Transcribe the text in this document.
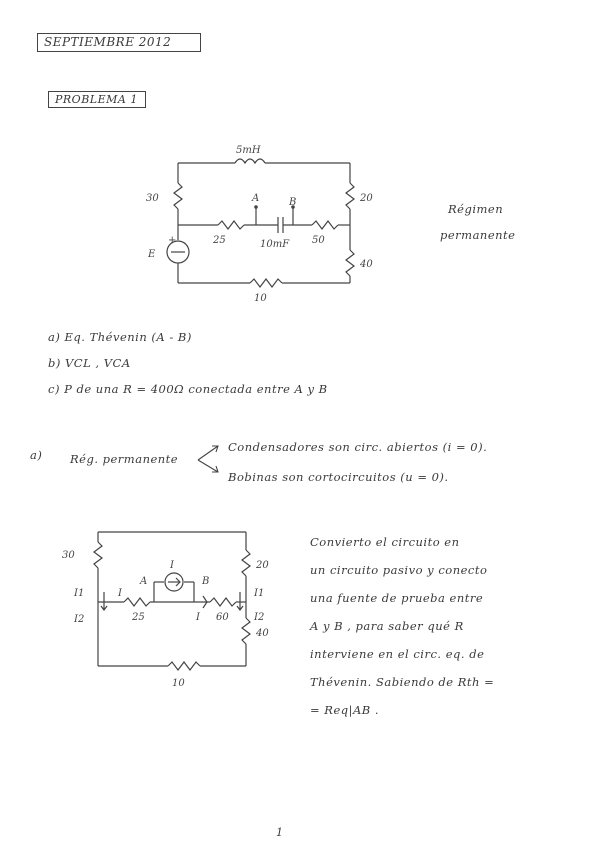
SEPTIEMBRE 2012
PROBLEMA 1
5mH
30	20
40
25	10mF 50
10
A	B
E
+
Régimen
permanente
a) Eq. Thévenin (A - B)
b) VCL , VCA
c) P de una R = 400Ω conectada entre A y B
a) Rég. permanente
Condensadores son circ. abiertos (i = 0).
Bobinas son cortocircuitos (u = 0).
30
20
40
25	60
10
A	B
I
I
I
I1
I2
I1
I2
Convierto el circuito en
un circuito pasivo y conecto
una fuente de prueba entre
A y B , para saber qué R
interviene en el circ. eq. de
Thévenin. Sabiendo de Rth =
= Req|AB .
1
